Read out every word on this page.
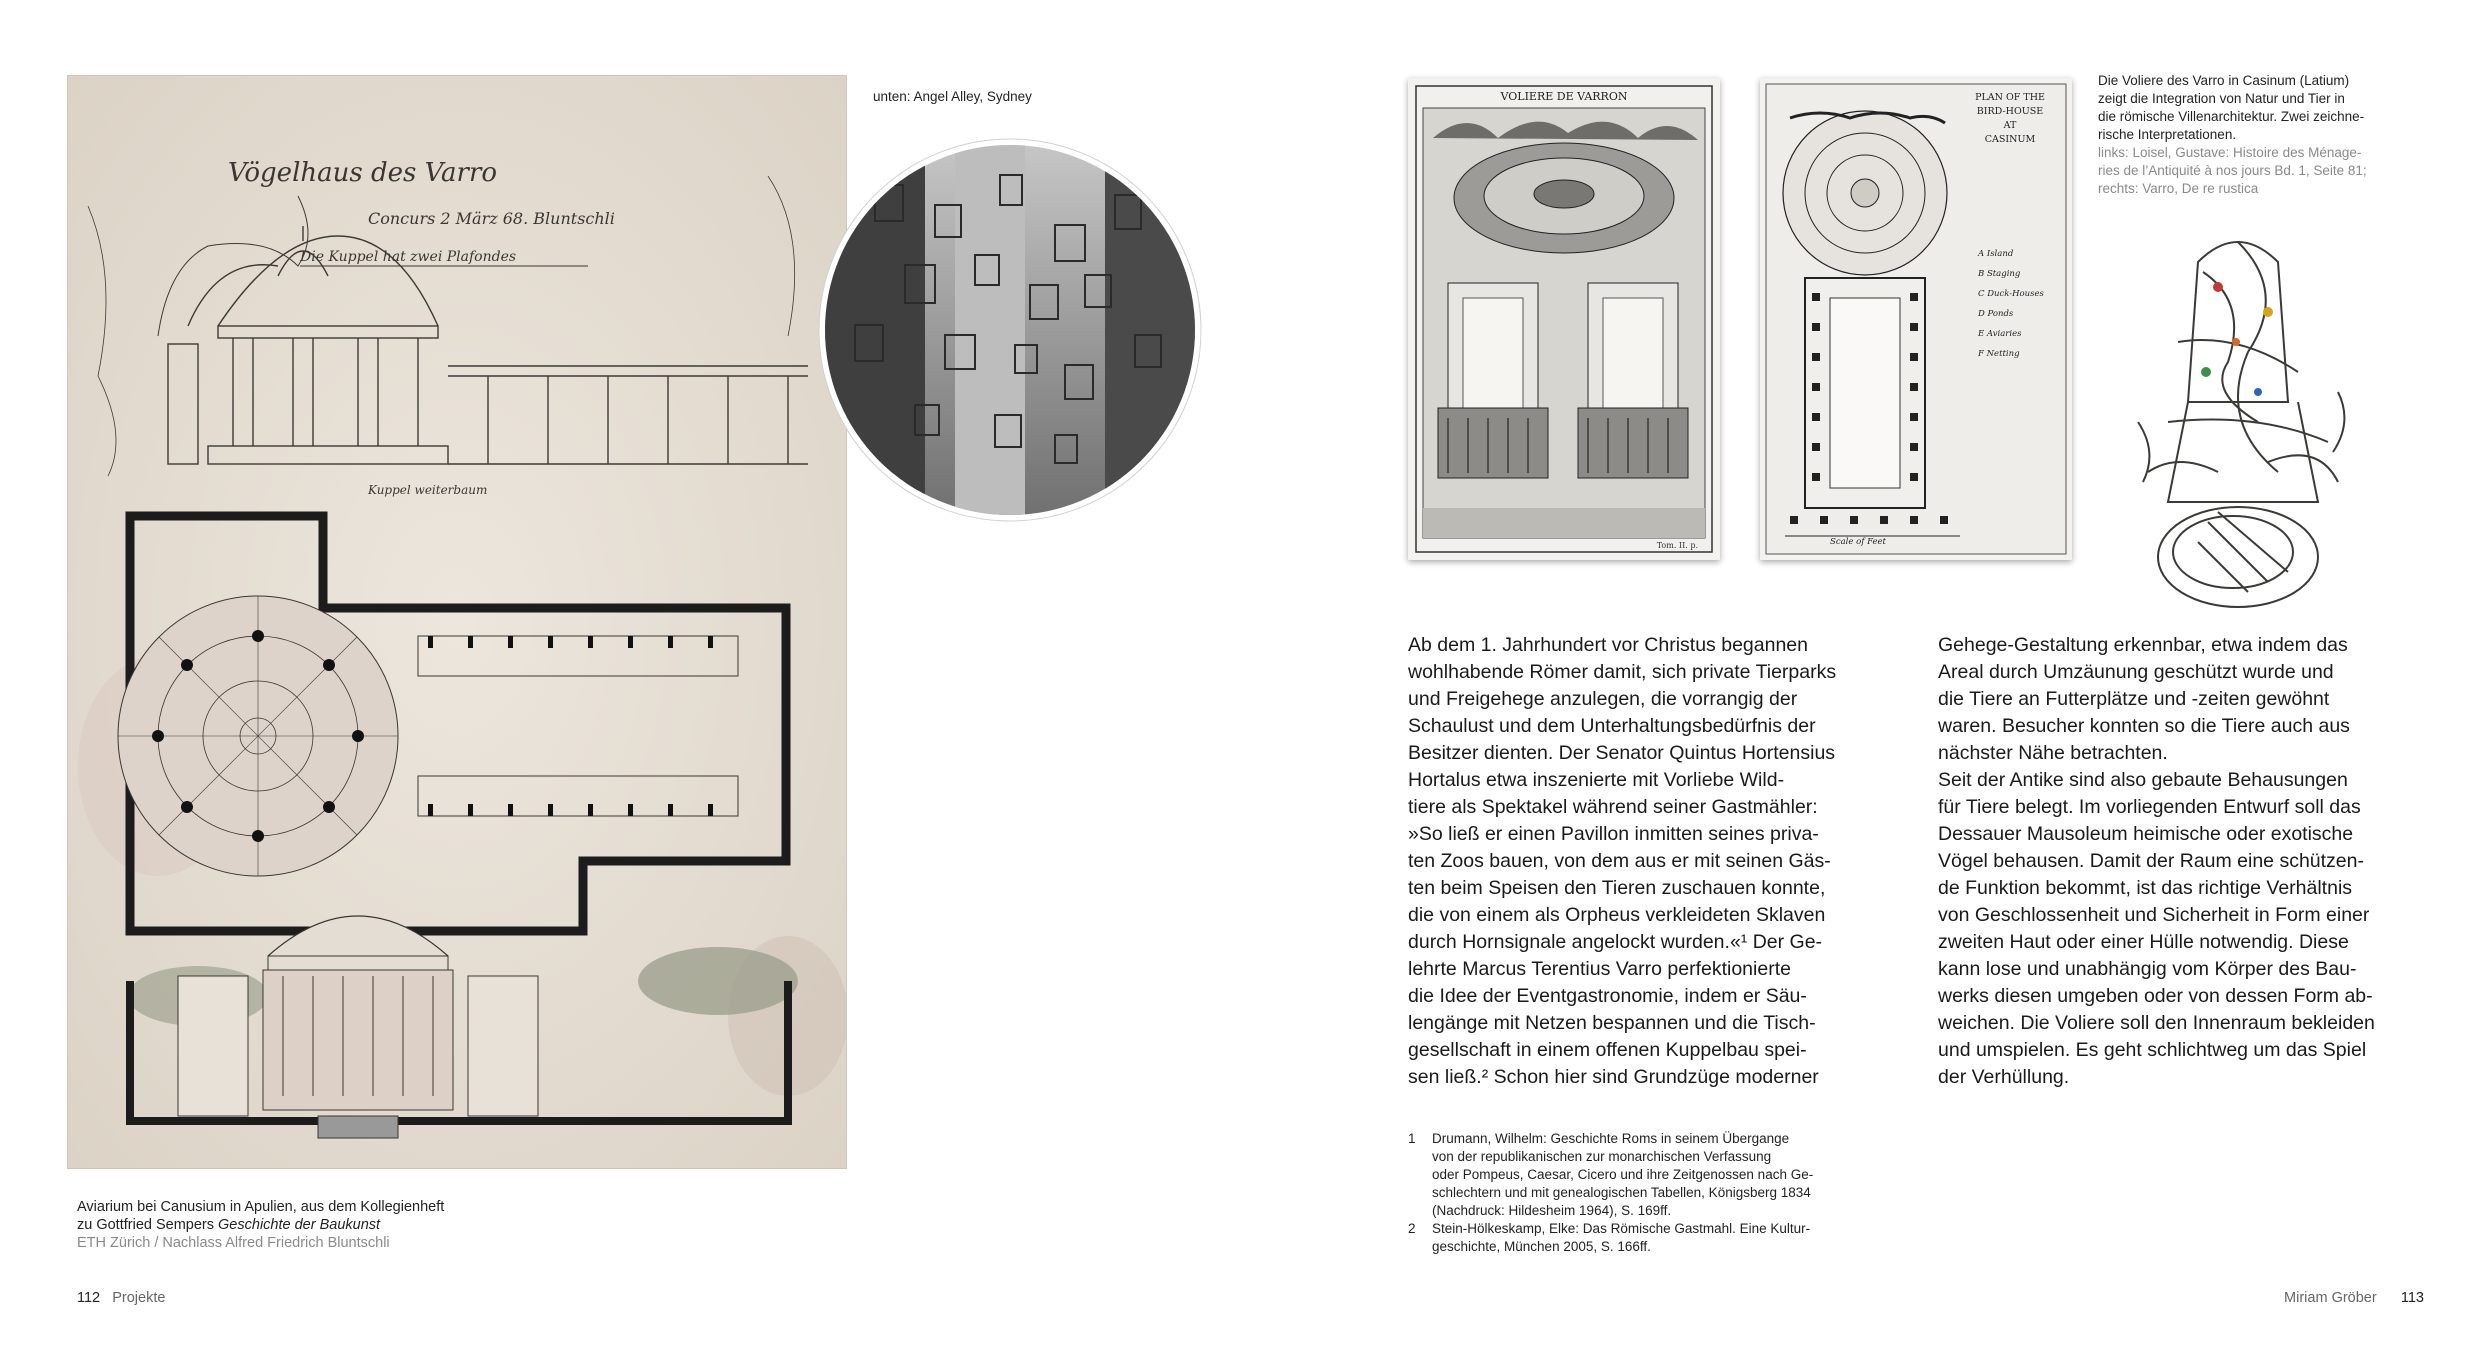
Vögelhaus des Varro
Concurs 2 März 68. Bluntschli
Die Kuppel hat zwei Plafondes
Kuppel weiterbaum
unten: Angel Alley, Sydney
Aviarium bei Canusium in Apulien, aus dem Kollegienheft
zu Gottfried Sempers Geschichte der Baukunst
ETH Zürich / Nachlass Alfred Friedrich Bluntschli
112 Projekte
VOLIERE DE VARRON
Tom. II. p.
PLAN OF THE
BIRD-HOUSE
AT
CASINUM
A Island
B Staging
C Duck-Houses
D Ponds
E Aviaries
F Netting
Scale of Feet
Die Voliere des Varro in Casinum (Latium)
zeigt die Integration von Natur und Tier in
die römische Villenarchitektur. Zwei zeichne-
rische Interpretationen.
links: Loisel, Gustave: Histoire des Ménage-
ries de l’Antiquité à nos jours Bd. 1, Seite 81;
rechts: Varro, De re rustica
Ab dem 1. Jahrhundert vor Christus begannen
wohlhabende Römer damit, sich private Tierparks
und Freigehege anzulegen, die vorrangig der
Schaulust und dem Unterhaltungsbedürfnis der
Besitzer dienten. Der Senator Quintus Hortensius
Hortalus etwa inszenierte mit Vorliebe Wild-
tiere als Spektakel während seiner Gastmähler:
»So ließ er einen Pavillon inmitten seines priva-
ten Zoos bauen, von dem aus er mit seinen Gäs-
ten beim Speisen den Tieren zuschauen konnte,
die von einem als Orpheus verkleideten Sklaven
durch Hornsignale angelockt wurden.«¹ Der Ge-
lehrte Marcus Terentius Varro perfektionierte
die Idee der Eventgastronomie, indem er Säu-
lengänge mit Netzen bespannen und die Tisch-
gesellschaft in einem offenen Kuppelbau spei-
sen ließ.² Schon hier sind Grundzüge moderner
Gehege-Gestaltung erkennbar, etwa indem das
Areal durch Umzäunung geschützt wurde und
die Tiere an Futterplätze und -zeiten gewöhnt
waren. Besucher konnten so die Tiere auch aus
nächster Nähe betrachten.
Seit der Antike sind also gebaute Behausungen
für Tiere belegt. Im vorliegenden Entwurf soll das
Dessauer Mausoleum heimische oder exotische
Vögel behausen. Damit der Raum eine schützen-
de Funktion bekommt, ist das richtige Verhältnis
von Geschlossenheit und Sicherheit in Form einer
zweiten Haut oder einer Hülle notwendig. Diese
kann lose und unabhängig vom Körper des Bau-
werks diesen umgeben oder von dessen Form ab-
weichen. Die Voliere soll den Innenraum bekleiden
und umspielen. Es geht schlichtweg um das Spiel
der Verhüllung.
1	Drumann, Wilhelm: Geschichte Roms in seinem Übergange
von der republikanischen zur monarchischen Verfassung
oder Pompeus, Caesar, Cicero und ihre Zeitgenossen nach Ge-
schlechtern und mit genealogischen Tabellen, Königsberg 1834
(Nachdruck: Hildesheim 1964), S. 169ff.
2	Stein-Hölkeskamp, Elke: Das Römische Gastmahl. Eine Kultur-
geschichte, München 2005, S. 166ff.
Miriam Gröber 113
